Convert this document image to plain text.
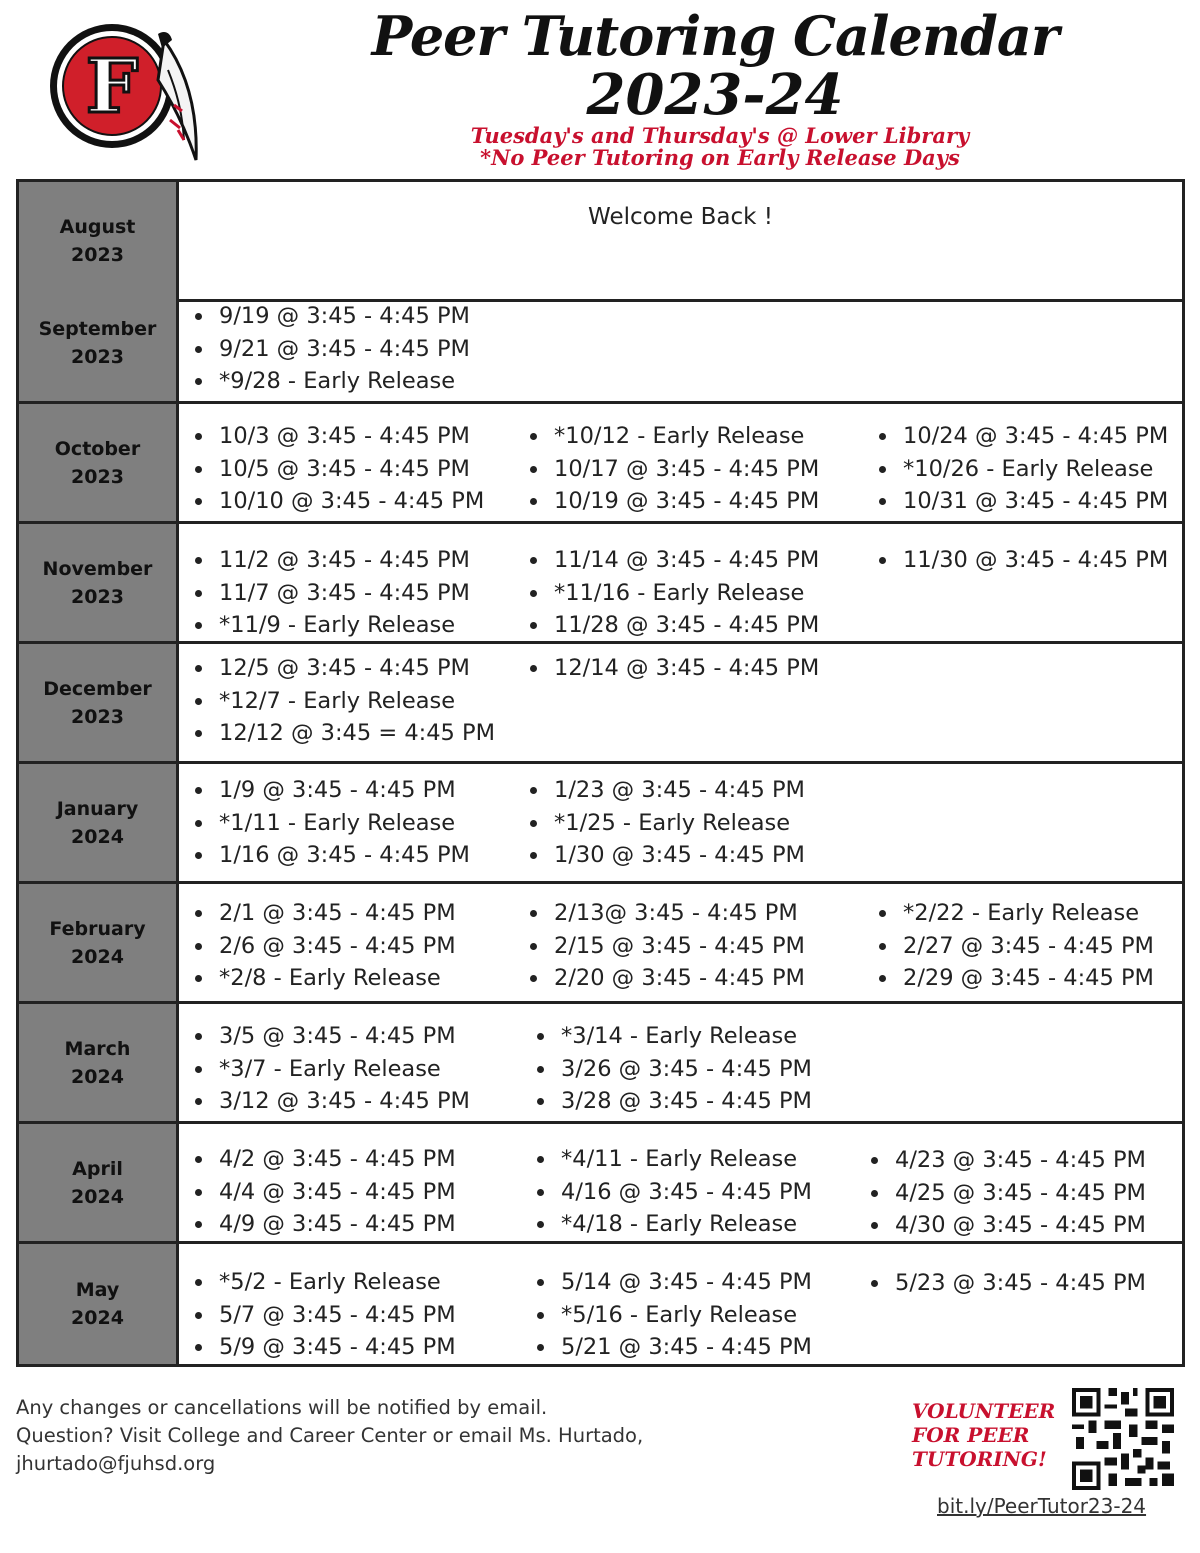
F
Peer Tutoring Calendar
2023-24
Tuesday's and Thursday's @ Lower Library
*No Peer Tutoring on Early Release Days
August
2023
Welcome Back !
September
2023
9/19 @ 3:45 - 4:45 PM
9/21 @ 3:45 - 4:45 PM
*9/28 - Early Release
October
2023
10/3 @ 3:45 - 4:45 PM
10/5 @ 3:45 - 4:45 PM
10/10 @ 3:45 - 4:45 PM
*10/12 - Early Release
10/17 @ 3:45 - 4:45 PM
10/19 @ 3:45 - 4:45 PM
10/24 @ 3:45 - 4:45 PM
*10/26 - Early Release
10/31 @ 3:45 - 4:45 PM
November
2023
11/2 @ 3:45 - 4:45 PM
11/7 @ 3:45 - 4:45 PM
*11/9 - Early Release
11/14 @ 3:45 - 4:45 PM
*11/16 - Early Release
11/28 @ 3:45 - 4:45 PM
11/30 @ 3:45 - 4:45 PM
December
2023
12/5 @ 3:45 - 4:45 PM
*12/7 - Early Release
12/12 @ 3:45 = 4:45 PM
12/14 @ 3:45 - 4:45 PM
January
2024
1/9 @ 3:45 - 4:45 PM
*1/11 - Early Release
1/16 @ 3:45 - 4:45 PM
1/23 @ 3:45 - 4:45 PM
*1/25 - Early Release
1/30 @ 3:45 - 4:45 PM
February
2024
2/1 @ 3:45 - 4:45 PM
2/6 @ 3:45 - 4:45 PM
*2/8 - Early Release
2/13@ 3:45 - 4:45 PM
2/15 @ 3:45 - 4:45 PM
2/20 @ 3:45 - 4:45 PM
*2/22 - Early Release
2/27 @ 3:45 - 4:45 PM
2/29 @ 3:45 - 4:45 PM
March
2024
3/5 @ 3:45 - 4:45 PM
*3/7 - Early Release
3/12 @ 3:45 - 4:45 PM
*3/14 - Early Release
3/26 @ 3:45 - 4:45 PM
3/28 @ 3:45 - 4:45 PM
April
2024
4/2 @ 3:45 - 4:45 PM
4/4 @ 3:45 - 4:45 PM
4/9 @ 3:45 - 4:45 PM
*4/11 - Early Release
4/16 @ 3:45 - 4:45 PM
*4/18 - Early Release
4/23 @ 3:45 - 4:45 PM
4/25 @ 3:45 - 4:45 PM
4/30 @ 3:45 - 4:45 PM
May
2024
*5/2 - Early Release
5/7 @ 3:45 - 4:45 PM
5/9 @ 3:45 - 4:45 PM
5/14 @ 3:45 - 4:45 PM
*5/16 - Early Release
5/21 @ 3:45 - 4:45 PM
5/23 @ 3:45 - 4:45 PM
Any changes or cancellations will be notified by email.
Question? Visit College and Career Center or email Ms. Hurtado,
jhurtado@fjuhsd.org
VOLUNTEER
FOR PEER
TUTORING!
bit.ly/PeerTutor23-24
